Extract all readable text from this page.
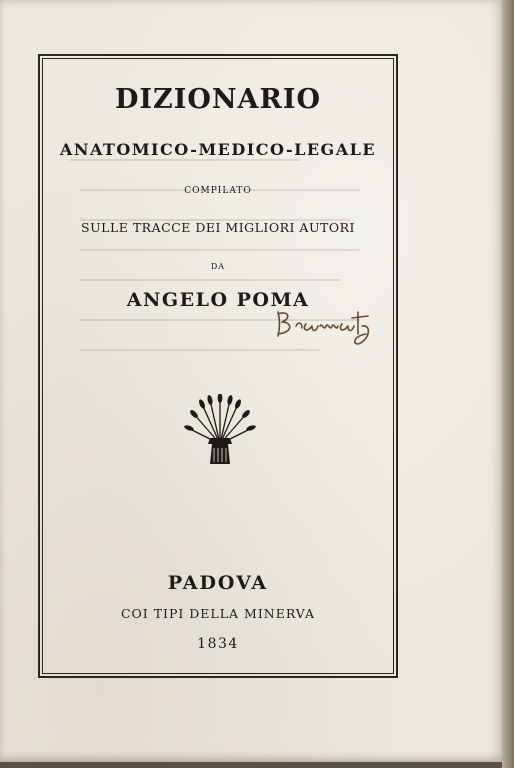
DIZIONARIO
ANATOMICO-MEDICO-LEGALE
COMPILATO
SULLE TRACCE DEI MIGLIORI AUTORI
DA
ANGELO POMA
PADOVA
COI TIPI DELLA MINERVA
1834
